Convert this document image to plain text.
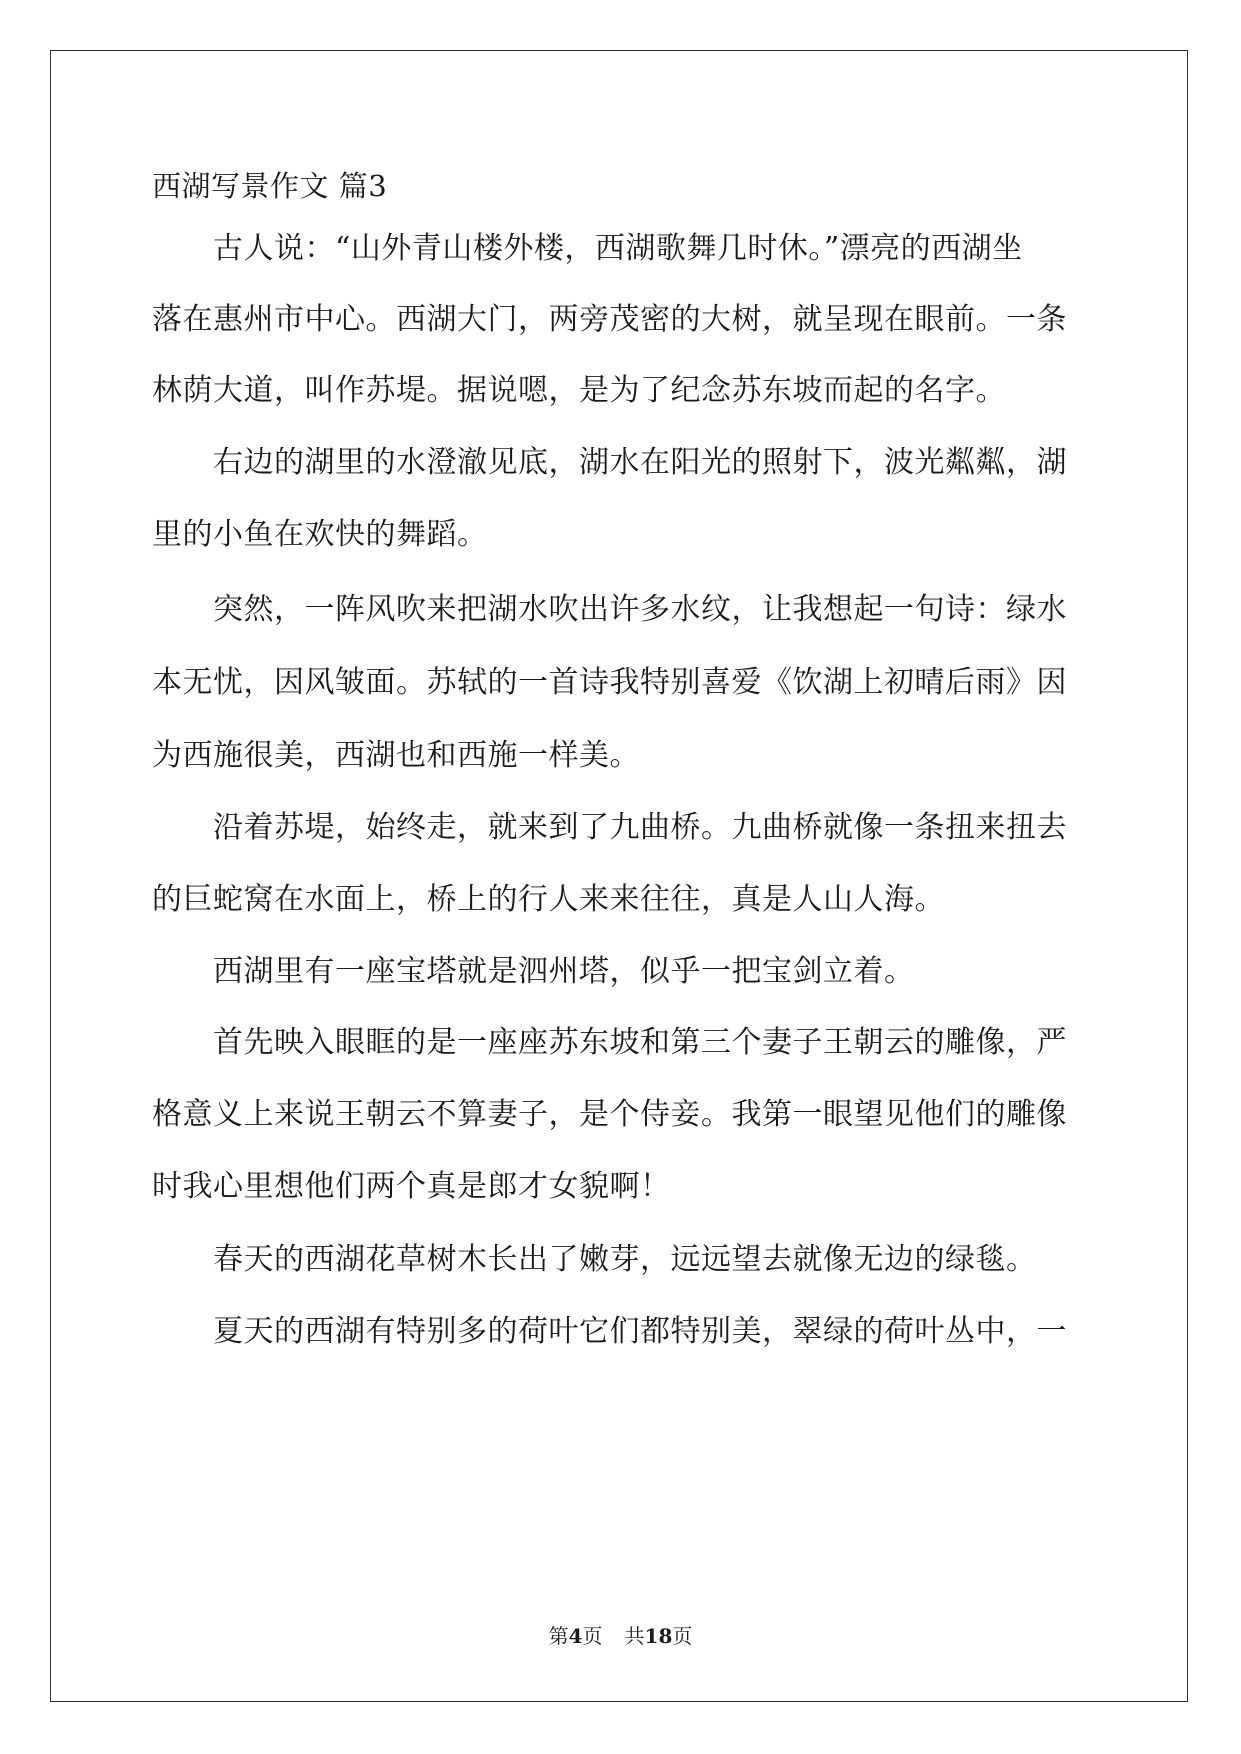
西湖写景作文 篇3
　　古人说：“山外青山楼外楼，西湖歌舞几时休。”漂亮的西湖坐
落在惠州市中心。西湖大门，两旁茂密的大树，就呈现在眼前。一条
林荫大道，叫作苏堤。据说嗯，是为了纪念苏东坡而起的名字。
　　右边的湖里的水澄澈见底，湖水在阳光的照射下，波光粼粼，湖
里的小鱼在欢快的舞蹈。
　　突然，一阵风吹来把湖水吹出许多水纹，让我想起一句诗：绿水
本无忧，因风皱面。苏轼的一首诗我特别喜爱《饮湖上初晴后雨》因
为西施很美，西湖也和西施一样美。
　　沿着苏堤，始终走，就来到了九曲桥。九曲桥就像一条扭来扭去
的巨蛇窝在水面上，桥上的行人来来往往，真是人山人海。
　　西湖里有一座宝塔就是泗州塔，似乎一把宝剑立着。
　　首先映入眼眶的是一座座苏东坡和第三个妻子王朝云的雕像，严
格意义上来说王朝云不算妻子，是个侍妾。我第一眼望见他们的雕像
时我心里想他们两个真是郎才女貌啊！
　　春天的西湖花草树木长出了嫩芽，远远望去就像无边的绿毯。
　　夏天的西湖有特别多的荷叶它们都特别美，翠绿的荷叶丛中，一
第4页 共18页
